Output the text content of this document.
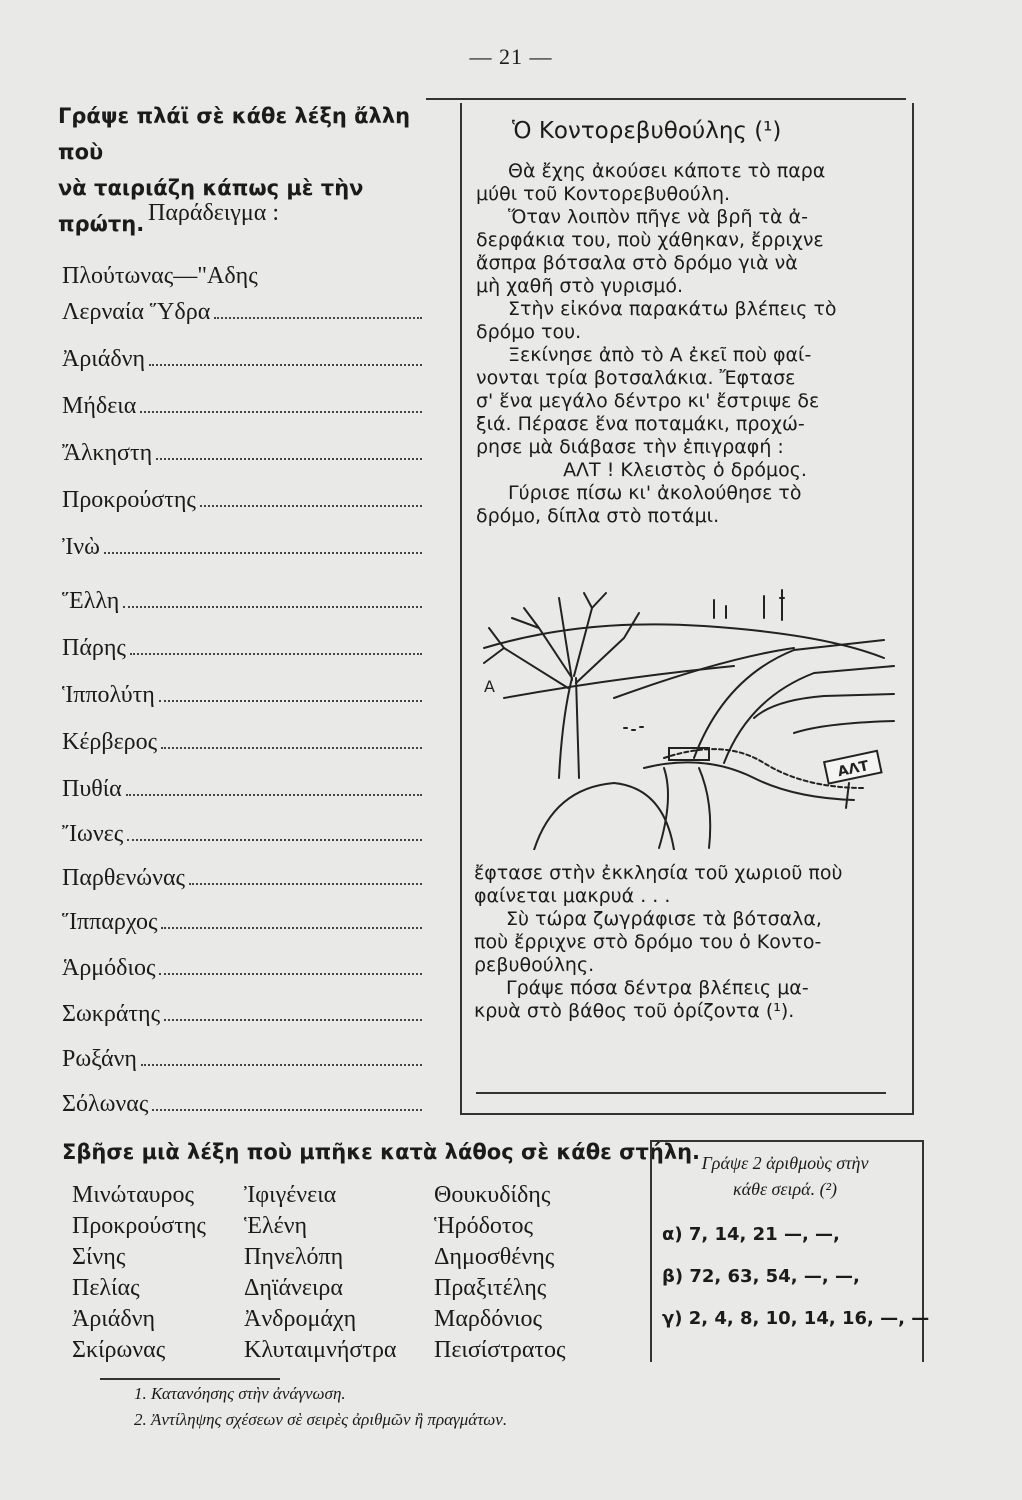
— 21 —
Γράψε πλάϊ σὲ κάθε λέξη ἄλλη ποὺ
νὰ ταιριάζη κάπως μὲ τὴν πρώτη. Παράδειγμα :
Πλούτωνας—"Αδης
Λερναία Ὕδρα
Ἀριάδνη
Μήδεια
Ἄλκηστη
Προκρούστης
Ἰνὼ
Ἕλλη
Πάρης
Ἱππολύτη
Κέρβερος
Πυθία
Ἴωνες
Παρθενώνας
Ἵππαρχος
Ἁρμόδιος
Σωκράτης
Ρωξάνη
Σόλωνας
Ὁ Κοντορεβυθούλης (¹)

Θὰ ἔχης ἀκούσει κάποτε τὸ παρα

μύθι τοῦ Κοντορεβυθούλη.

Ὅταν λοιπὸν πῆγε νὰ βρῆ τὰ ἀ-

δερφάκια του, ποὺ χάθηκαν, ἔρριχνε

ἄσπρα βότσαλα στὸ δρόμο γιὰ νὰ

μὴ χαθῆ στὸ γυρισμό.

Στὴν εἰκόνα παρακάτω βλέπεις τὸ

δρόμο του.

Ξεκίνησε ἀπὸ τὸ Α ἐκεῖ ποὺ φαί-

νονται τρία βοτσαλάκια. Ἔφτασε

σ' ἕνα μεγάλο δέντρο κι' ἔστριψε δε

ξιά. Πέρασε ἕνα ποταμάκι, προχώ-

ρησε μὰ διάβασε τὴν ἐπιγραφή :

ΑΛΤ ! Κλειστὸς ὁ δρόμος.

Γύρισε πίσω κι' ἀκολούθησε τὸ

δρόμο, δίπλα στὸ ποτάμι.

ΑΛΤ
A

ἔφτασε στὴν ἐκκλησία τοῦ χωριοῦ ποὺ

φαίνεται μακρυά . . .

Σὺ τώρα ζωγράφισε τὰ βότσαλα,

ποὺ ἔρριχνε στὸ δρόμο του ὁ Κοντο-

ρεβυθούλης.

Γράψε πόσα δέντρα βλέπεις μα-

κρυὰ στὸ βάθος τοῦ ὁρίζοντα (¹).

Σβῆσε μιὰ λέξη ποὺ μπῆκε κατὰ λάθος σὲ κάθε στήλη.
Μινώταυρος
Προκρούστης
Σίνης
Πελίας
Ἀριάδνη
Σκίρωνας
Ἰφιγένεια
Ἑλένη
Πηνελόπη
Δηϊάνειρα
Ἀνδρομάχη
Κλυταιμνήστρα
Θουκυδίδης
Ἡρόδοτος
Δημοσθένης
Πραξιτέλης
Μαρδόνιος
Πεισίστρατος
Γράψε 2 ἀριθμοὺς στὴν
κάθε σειρά. (²)
α) 7, 14, 21 —, —,
β) 72, 63, 54, —, —,
γ) 2, 4, 8, 10, 14, 16, —, —
1. Κατανόησης στὴν ἀνάγνωση.
2. Ἀντίληψης σχέσεων σὲ σειρὲς ἀριθμῶν ἢ πραγμάτων.
